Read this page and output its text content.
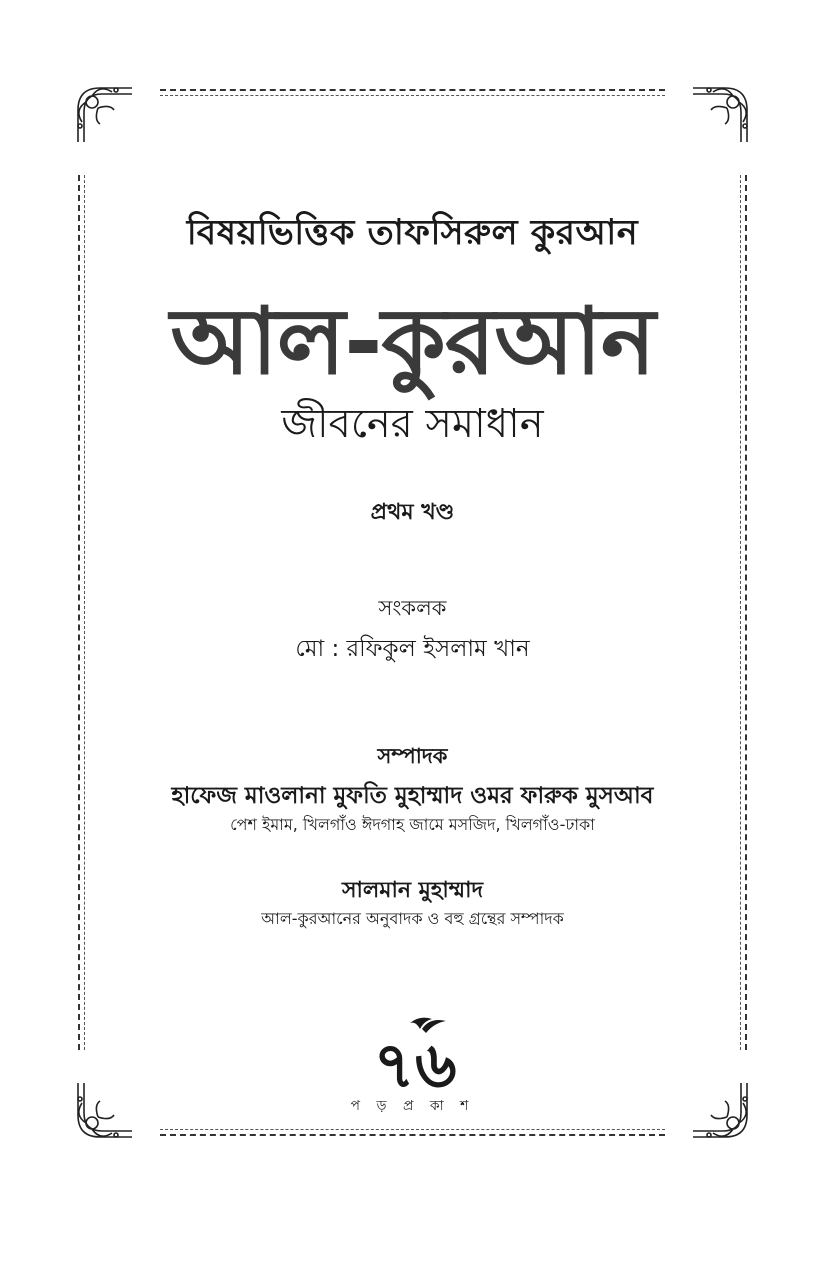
বিষয়ভিত্তিক তাফসিরুল কুরআন
আল-কুরআন
জীবনের সমাধান
প্রথম খণ্ড
সংকলক
মো : রফিকুল ইসলাম খান
সম্পাদক
হাফেজ মাওলানা মুফতি মুহাম্মাদ ওমর ফারুক মুসআব
পেশ ইমাম, খিলগাঁও ঈদগাহ জামে মসজিদ, খিলগাঁও-ঢাকা
সালমান মুহাম্মাদ
আল-কুরআনের অনুবাদক ও বহু গ্রন্থের সম্পাদক
৭৬
প ড় প্র কা শ
